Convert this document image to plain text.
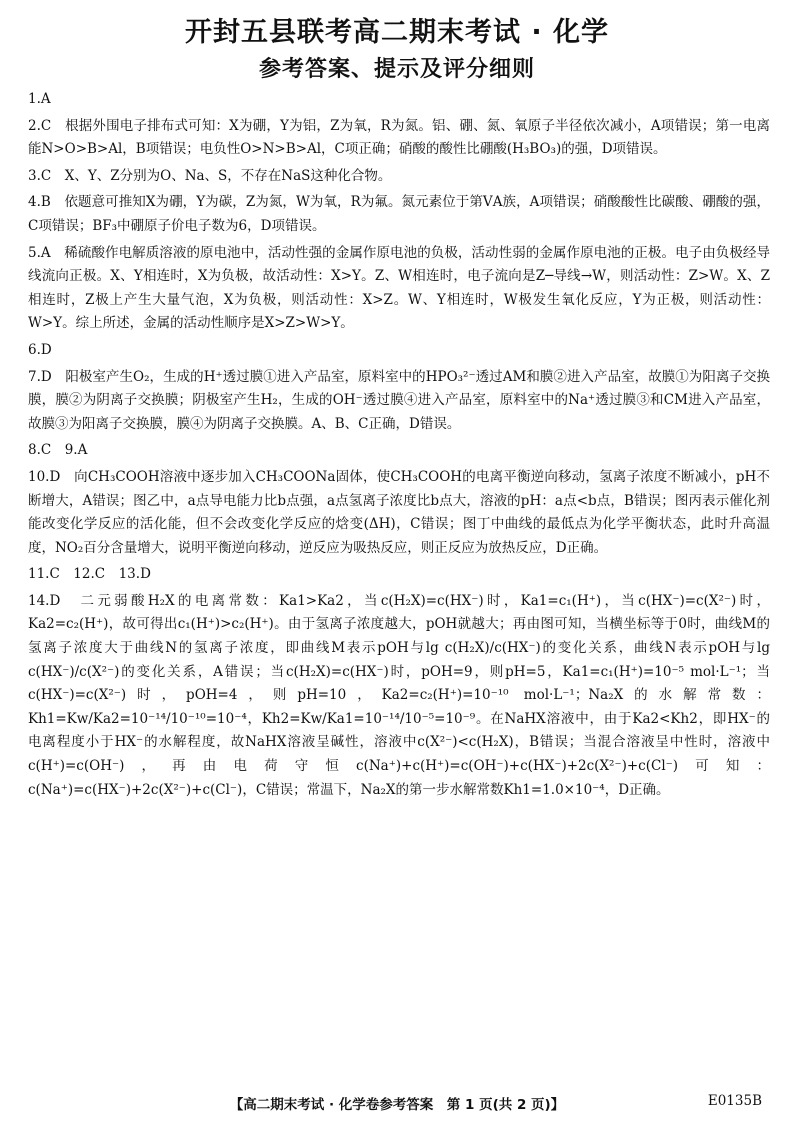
开封五县联考高二期末考试 · 化学
参考答案、提示及评分细则
1.A
2.C　 根据外围电子排布式可知：X为硼，Y为铝，Z为氧，R为氮。铝、硼、氮、氧原子半径依次减小，A项错误；第一电离能N>O>B>Al，B项错误；电负性O>N>B>Al，C项正确；硝酸的酸性比硼酸(H₃BO₃)的强，D项错误。
3.C　 X、Y、Z分别为O、Na、S，不存在NaS这种化合物。
4.B　 依题意可推知X为硼，Y为碳，Z为氮，W为氧，R为氟。氮元素位于第ⅤA族，A项错误；硝酸酸性比碳酸、硼酸的强，C项错误；BF₃中硼原子价电子数为6，D项错误。
5.A　 稀硫酸作电解质溶液的原电池中，活动性强的金属作原电池的负极，活动性弱的金属作原电池的正极。电子由负极经导线流向正极。X、Y相连时，X为负极，故活动性：X>Y。Z、W相连时，电子流向是Z─导线→W，则活动性：Z>W。X、Z相连时，Z极上产生大量气泡，X为负极，则活动性：X>Z。W、Y相连时，W极发生氧化反应，Y为正极，则活动性：W>Y。综上所述，金属的活动性顺序是X>Z>W>Y。
6.D
7.D　 阳极室产生O₂，生成的H⁺透过膜①进入产品室，原料室中的HPO₃²⁻透过AM和膜②进入产品室，故膜①为阳离子交换膜，膜②为阴离子交换膜；阴极室产生H₂，生成的OH⁻透过膜④进入产品室，原料室中的Na⁺透过膜③和CM进入产品室，故膜③为阳离子交换膜，膜④为阴离子交换膜。A、B、C正确，D错误。
8.C　9.A
10.D　 向CH₃COOH溶液中逐步加入CH₃COONa固体，使CH₃COOH的电离平衡逆向移动，氢离子浓度不断减小，pH不断增大，A错误；图乙中，a点导电能力比b点强，a点氢离子浓度比b点大，溶液的pH：a点<b点，B错误；图丙表示催化剂能改变化学反应的活化能，但不会改变化学反应的焓变(ΔH)，C错误；图丁中曲线的最低点为化学平衡状态，此时升高温度，NO₂百分含量增大，说明平衡逆向移动，逆反应为吸热反应，则正反应为放热反应，D正确。
11.C　12.C　13.D
14.D　 二元弱酸H₂X的电离常数：Ka1>Ka2，当c(H₂X)=c(HX⁻)时，Ka1=c₁(H⁺)，当c(HX⁻)=c(X²⁻)时，Ka2=c₂(H⁺)，故可得出c₁(H⁺)>c₂(H⁺)。由于氢离子浓度越大，pOH就越大；再由图可知，当横坐标等于0时，曲线M的氢离子浓度大于曲线N的氢离子浓度，即曲线M表示pOH与lg c(H₂X)/c(HX⁻)的变化关系，曲线N表示pOH与lg c(HX⁻)/c(X²⁻)的变化关系，A错误；当c(H₂X)=c(HX⁻)时，pOH=9，则pH=5，Ka1=c₁(H⁺)=10⁻⁵ mol·L⁻¹；当c(HX⁻)=c(X²⁻)时，pOH=4，则pH=10，Ka2=c₂(H⁺)=10⁻¹⁰ mol·L⁻¹；Na₂X的水解常数：Kh1=Kw/Ka2=10⁻¹⁴/10⁻¹⁰=10⁻⁴，Kh2=Kw/Ka1=10⁻¹⁴/10⁻⁵=10⁻⁹。在NaHX溶液中，由于Ka2<Kh2，即HX⁻的电离程度小于HX⁻的水解程度，故NaHX溶液呈碱性，溶液中c(X²⁻)<c(H₂X)，B错误；当混合溶液呈中性时，溶液中c(H⁺)=c(OH⁻)，再由电荷守恒c(Na⁺)+c(H⁺)=c(OH⁻)+c(HX⁻)+2c(X²⁻)+c(Cl⁻)可知：c(Na⁺)=c(HX⁻)+2c(X²⁻)+c(Cl⁻)，C错误；常温下，Na₂X的第一步水解常数Kh1=1.0×10⁻⁴，D正确。
【高二期末考试 · 化学卷参考答案　第 1 页(共 2 页)】	E0135B
